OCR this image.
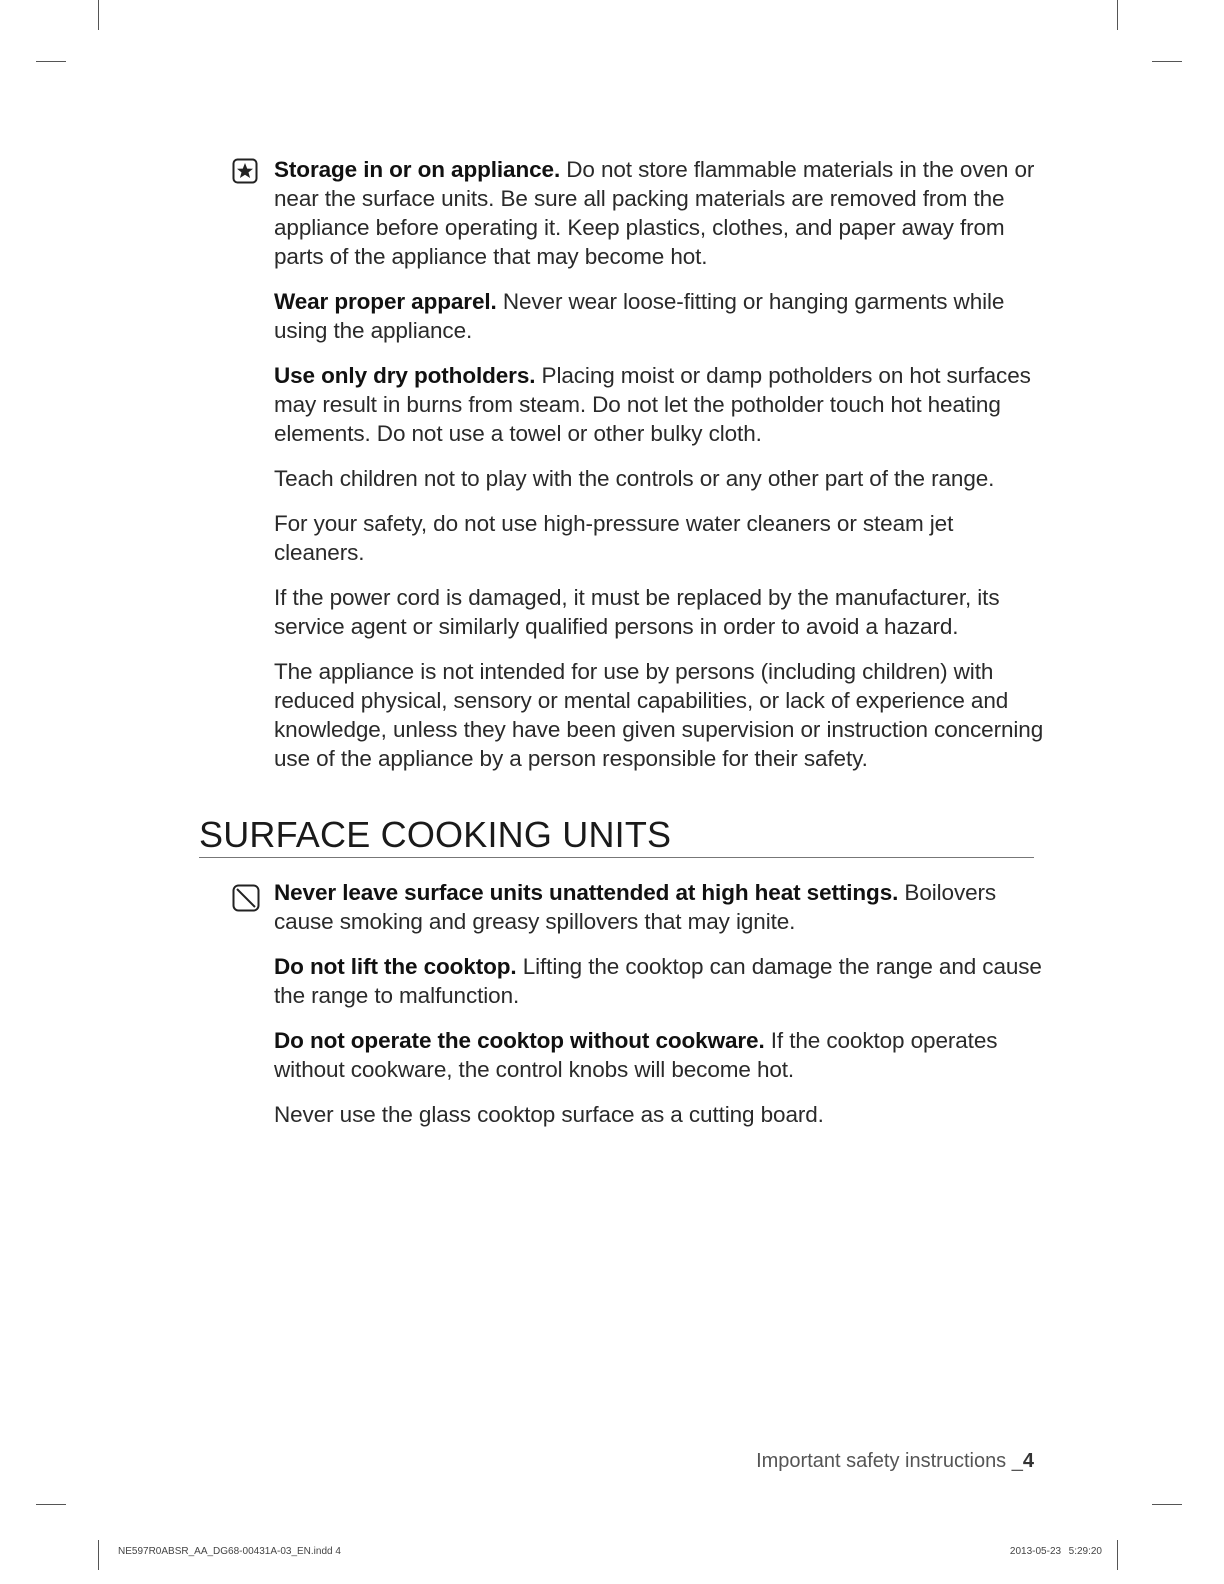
Storage in or on appliance. Do not store flammable materials in the oven or near the surface units. Be sure all packing materials are removed from the appliance before operating it. Keep plastics, clothes, and paper away from parts of the appliance that may become hot.

Wear proper apparel. Never wear loose-fitting or hanging garments while using the appliance.

Use only dry potholders. Placing moist or damp potholders on hot surfaces may result in burns from steam. Do not let the potholder touch hot heating elements. Do not use a towel or other bulky cloth.

Teach children not to play with the controls or any other part of the range.

For your safety, do not use high-pressure water cleaners or steam jet cleaners.

If the power cord is damaged, it must be replaced by the manufacturer, its service agent or similarly qualified persons in order to avoid a hazard.

The appliance is not intended for use by persons (including children) with reduced physical, sensory or mental capabilities, or lack of experience and knowledge, unless they have been given supervision or instruction concerning use of the appliance by a person responsible for their safety.

SURFACE COOKING UNITS

Never leave surface units unattended at high heat settings. Boilovers cause smoking and greasy spillovers that may ignite.

Do not lift the cooktop. Lifting the cooktop can damage the range and cause the range to malfunction.

Do not operate the cooktop without cookware. If the cooktop operates without cookware, the control knobs will become hot.

Never use the glass cooktop surface as a cutting board.

Important safety instructions _4
NE597R0ABSR_AA_DG68-00431A-03_EN.indd 4	2013-05-23   5:29:20
